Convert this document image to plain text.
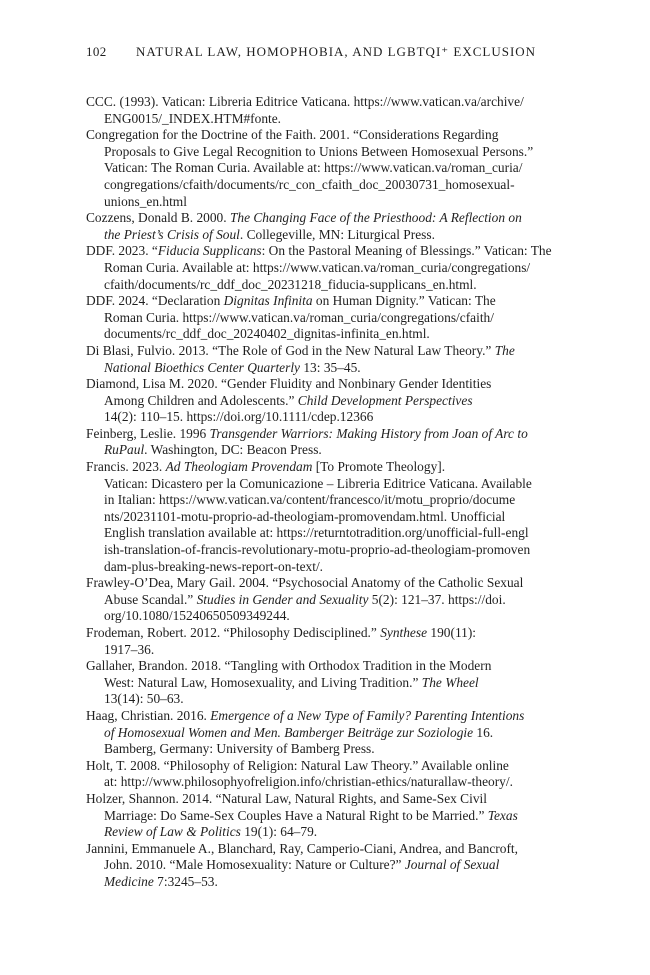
102 NATURAL LAW, HOMOPHOBIA, AND LGBTQI⁺ EXCLUSION

CCC. (1993). Vatican: Libreria Editrice Vaticana. https://www.vatican.va/archive/
ENG0015/_INDEX.HTM#fonte.

Congregation for the Doctrine of the Faith. 2001. “Considerations Regarding
Proposals to Give Legal Recognition to Unions Between Homosexual Persons.”
Vatican: The Roman Curia. Available at: https://www.vatican.va/roman_curia/
congregations/cfaith/documents/rc_con_cfaith_doc_20030731_homosexual-
unions_en.html

Cozzens, Donald B. 2000. The Changing Face of the Priesthood: A Reflection on
the Priest’s Crisis of Soul. Collegeville, MN: Liturgical Press.

DDF. 2023. “Fiducia Supplicans: On the Pastoral Meaning of Blessings.” Vatican: The
Roman Curia. Available at: https://www.vatican.va/roman_curia/congregations/
cfaith/documents/rc_ddf_doc_20231218_fiducia-supplicans_en.html.

DDF. 2024. “Declaration Dignitas Infinita on Human Dignity.” Vatican: The
Roman Curia. https://www.vatican.va/roman_curia/congregations/cfaith/
documents/rc_ddf_doc_20240402_dignitas-infinita_en.html.

Di Blasi, Fulvio. 2013. “The Role of God in the New Natural Law Theory.” The
National Bioethics Center Quarterly 13: 35–45.

Diamond, Lisa M. 2020. “Gender Fluidity and Nonbinary Gender Identities
Among Children and Adolescents.” Child Development Perspectives
14(2): 110–15. https://doi.org/10.1111/cdep.12366

Feinberg, Leslie. 1996 Transgender Warriors: Making History from Joan of Arc to
RuPaul. Washington, DC: Beacon Press.

Francis. 2023. Ad Theologiam Provendam [To Promote Theology].
Vatican: Dicastero per la Comunicazione – Libreria Editrice Vaticana. Available
in Italian: https://www.vatican.va/content/francesco/it/motu_proprio/docume
nts/20231101-motu-proprio-ad-theologiam-promovendam.html. Unofficial
English translation available at: https://returntotradition.org/unofficial-full-engl
ish-translation-of-francis-revolutionary-motu-proprio-ad-theologiam-promoven
dam-plus-breaking-news-report-on-text/.

Frawley-O’Dea, Mary Gail. 2004. “Psychosocial Anatomy of the Catholic Sexual
Abuse Scandal.” Studies in Gender and Sexuality 5(2): 121–37. https://doi.
org/10.1080/15240650509349244.

Frodeman, Robert. 2012. “Philosophy Dedisciplined.” Synthese 190(11):
1917–36.

Gallaher, Brandon. 2018. “Tangling with Orthodox Tradition in the Modern
West: Natural Law, Homosexuality, and Living Tradition.” The Wheel
13(14): 50–63.

Haag, Christian. 2016. Emergence of a New Type of Family? Parenting Intentions
of Homosexual Women and Men. Bamberger Beiträge zur Soziologie 16.
Bamberg, Germany: University of Bamberg Press.

Holt, T. 2008. “Philosophy of Religion: Natural Law Theory.” Available online
at: http://www.philosophyofreligion.info/christian-ethics/naturallaw-theory/.

Holzer, Shannon. 2014. “Natural Law, Natural Rights, and Same-Sex Civil
Marriage: Do Same-Sex Couples Have a Natural Right to be Married.” Texas
Review of Law & Politics 19(1): 64–79.

Jannini, Emmanuele A., Blanchard, Ray, Camperio-Ciani, Andrea, and Bancroft,
John. 2010. “Male Homosexuality: Nature or Culture?” Journal of Sexual
Medicine 7:3245–53.
